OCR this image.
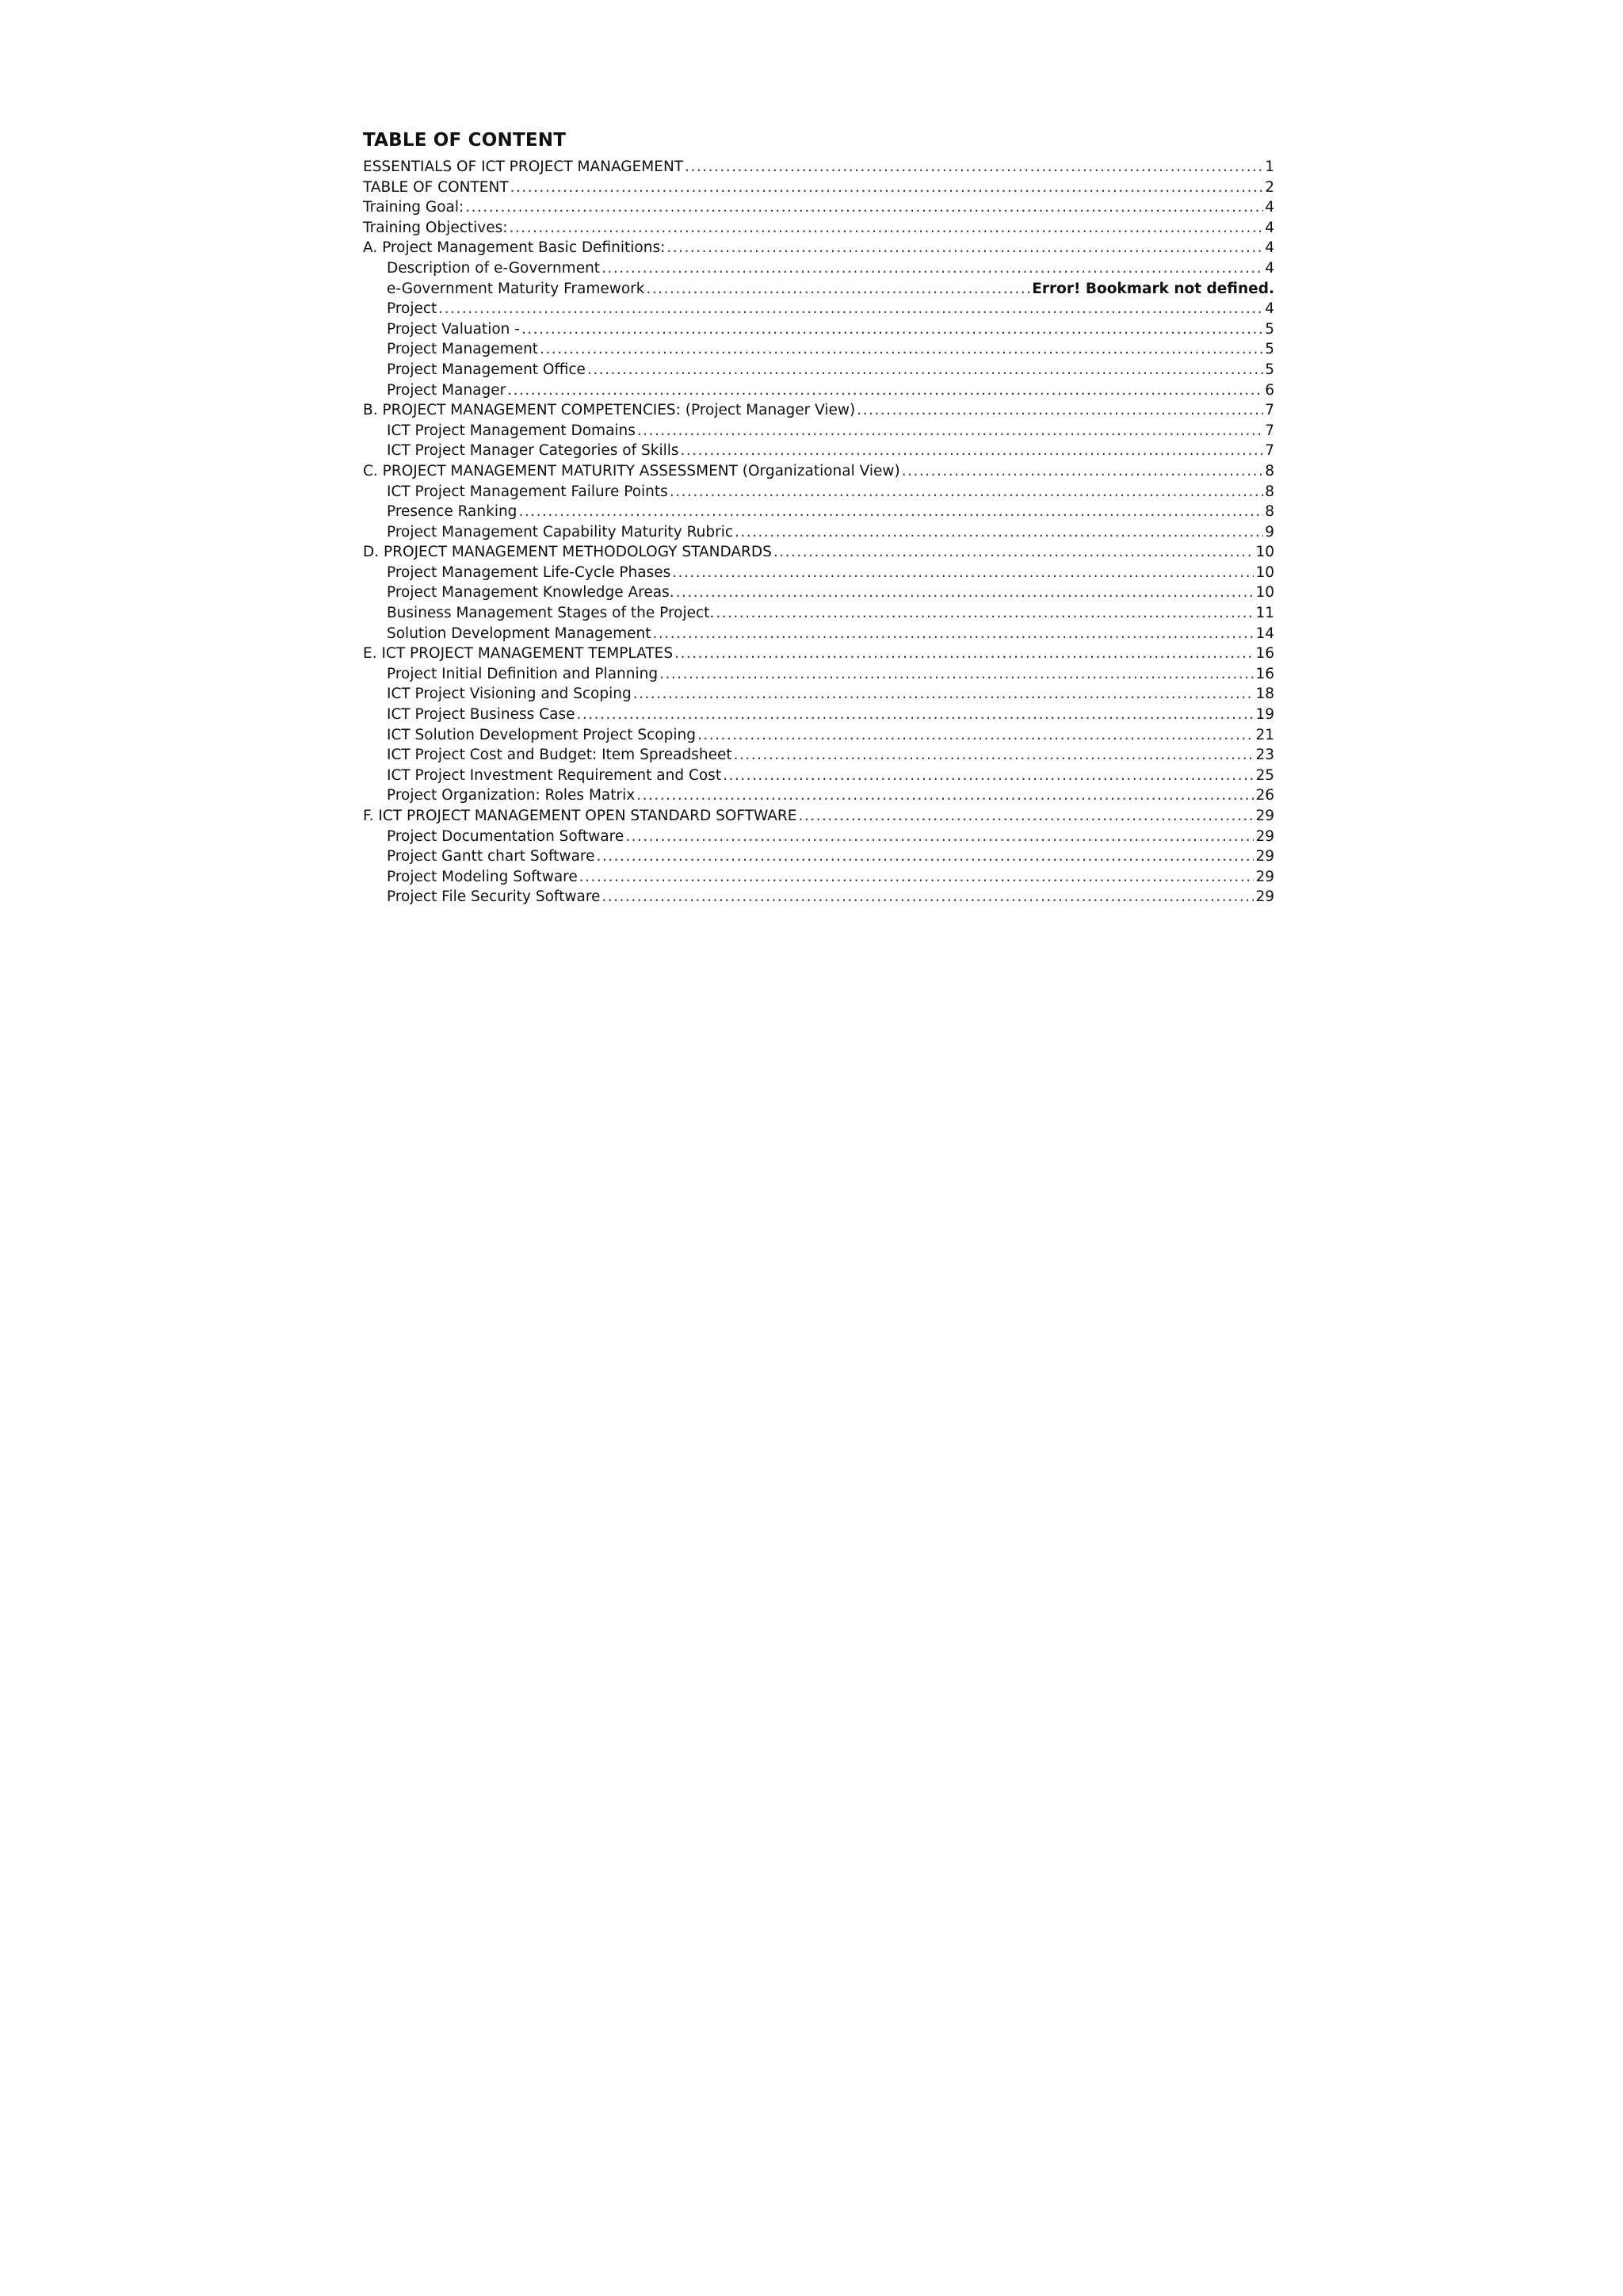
TABLE OF CONTENT
ESSENTIALS OF ICT PROJECT MANAGEMENT .....	1
TABLE OF CONTENT .....	2
Training Goal: .....	4
Training Objectives: .....	4
A. Project Management Basic Definitions: .....	4
Description of e-Government .....	4
e-Government Maturity Framework .....	Error! Bookmark not defined.
Project .....	4
Project Valuation - .....	5
Project Management .....	5
Project Management Office .....	5
Project Manager .....	6
B. PROJECT MANAGEMENT COMPETENCIES: (Project Manager View) .....	7
ICT Project Management Domains .....	7
ICT Project Manager Categories of Skills .....	7
C. PROJECT MANAGEMENT MATURITY ASSESSMENT (Organizational View) .....	8
ICT Project Management Failure Points .....	8
Presence Ranking .....	8
Project Management Capability Maturity Rubric .....	9
D. PROJECT MANAGEMENT METHODOLOGY STANDARDS .....	10
Project Management Life-Cycle Phases .....	10
Project Management Knowledge Areas. .....	10
Business Management Stages of the Project. .....	11
Solution Development Management .....	14
E. ICT PROJECT MANAGEMENT TEMPLATES .....	16
Project Initial Definition and Planning .....	16
ICT Project Visioning and Scoping .....	18
ICT Project Business Case .....	19
ICT Solution Development Project Scoping .....	21
ICT Project Cost and Budget: Item Spreadsheet .....	23
ICT Project Investment Requirement and Cost .....	25
Project Organization: Roles Matrix .....	26
F. ICT PROJECT MANAGEMENT OPEN STANDARD SOFTWARE .....	29
Project Documentation Software .....	29
Project Gantt chart Software .....	29
Project Modeling Software .....	29
Project File Security Software .....	29
